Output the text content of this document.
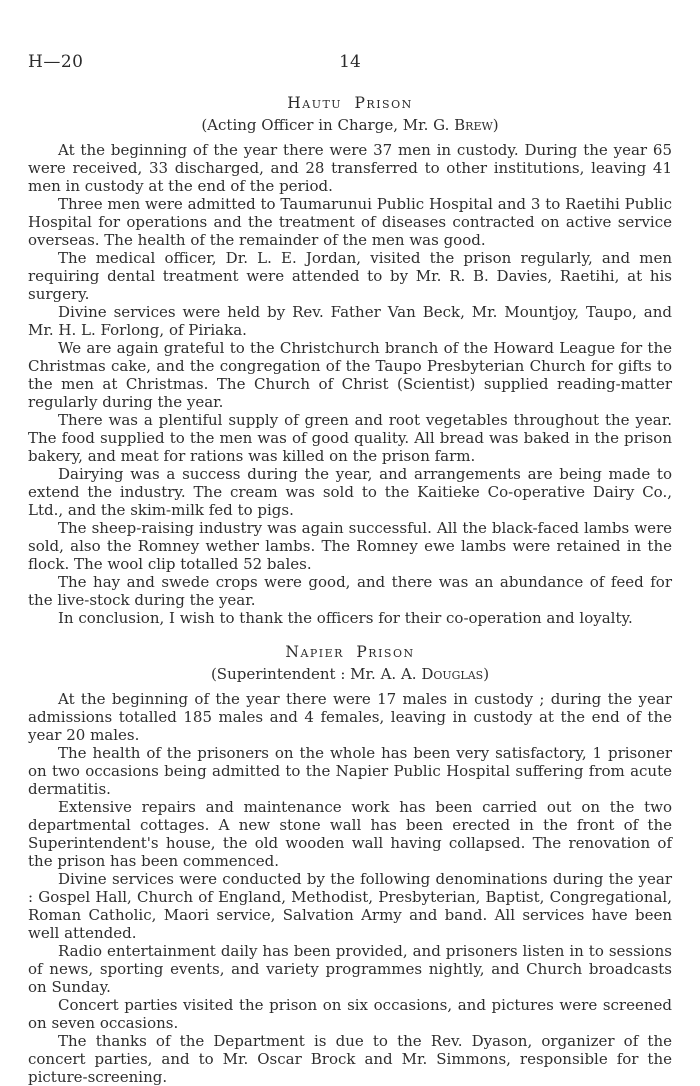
H—20	14
Hautu Prison
(Acting Officer in Charge, Mr. G. Brew)

At the beginning of the year there were 37 men in custody. During the year 65 were received, 33 discharged, and 28 transferred to other institutions, leaving 41 men in custody at the end of the period.

Three men were admitted to Taumarunui Public Hospital and 3 to Raetihi Public Hospital for operations and the treatment of diseases contracted on active service overseas. The health of the remainder of the men was good.

The medical officer, Dr. L. E. Jordan, visited the prison regularly, and men requiring dental treatment were attended to by Mr. R. B. Davies, Raetihi, at his surgery.

Divine services were held by Rev. Father Van Beck, Mr. Mountjoy, Taupo, and Mr. H. L. Forlong, of Piriaka.

We are again grateful to the Christchurch branch of the Howard League for the Christmas cake, and the congregation of the Taupo Presbyterian Church for gifts to the men at Christmas. The Church of Christ (Scientist) supplied reading-matter regularly during the year.

There was a plentiful supply of green and root vegetables throughout the year. The food supplied to the men was of good quality. All bread was baked in the prison bakery, and meat for rations was killed on the prison farm.

Dairying was a success during the year, and arrangements are being made to extend the industry. The cream was sold to the Kaitieke Co-operative Dairy Co., Ltd., and the skim-milk fed to pigs.

The sheep-raising industry was again successful. All the black-faced lambs were sold, also the Romney wether lambs. The Romney ewe lambs were retained in the flock. The wool clip totalled 52 bales.

The hay and swede crops were good, and there was an abundance of feed for the live-stock during the year.

In conclusion, I wish to thank the officers for their co-operation and loyalty.

Napier Prison
(Superintendent : Mr. A. A. Douglas)

At the beginning of the year there were 17 males in custody ; during the year admissions totalled 185 males and 4 females, leaving in custody at the end of the year 20 males.

The health of the prisoners on the whole has been very satisfactory, 1 prisoner on two occasions being admitted to the Napier Public Hospital suffering from acute dermatitis.

Extensive repairs and maintenance work has been carried out on the two departmental cottages. A new stone wall has been erected in the front of the Superintendent's house, the old wooden wall having collapsed. The renovation of the prison has been commenced.

Divine services were conducted by the following denominations during the year : Gospel Hall, Church of England, Methodist, Presbyterian, Baptist, Congregational, Roman Catholic, Maori service, Salvation Army and band. All services have been well attended.

Radio entertainment daily has been provided, and prisoners listen in to sessions of news, sporting events, and variety programmes nightly, and Church broadcasts on Sunday.

Concert parties visited the prison on six occasions, and pictures were screened on seven occasions.

The thanks of the Department is due to the Rev. Dyason, organizer of the concert parties, and to Mr. Oscar Brock and Mr. Simmons, responsible for the picture-screening.
